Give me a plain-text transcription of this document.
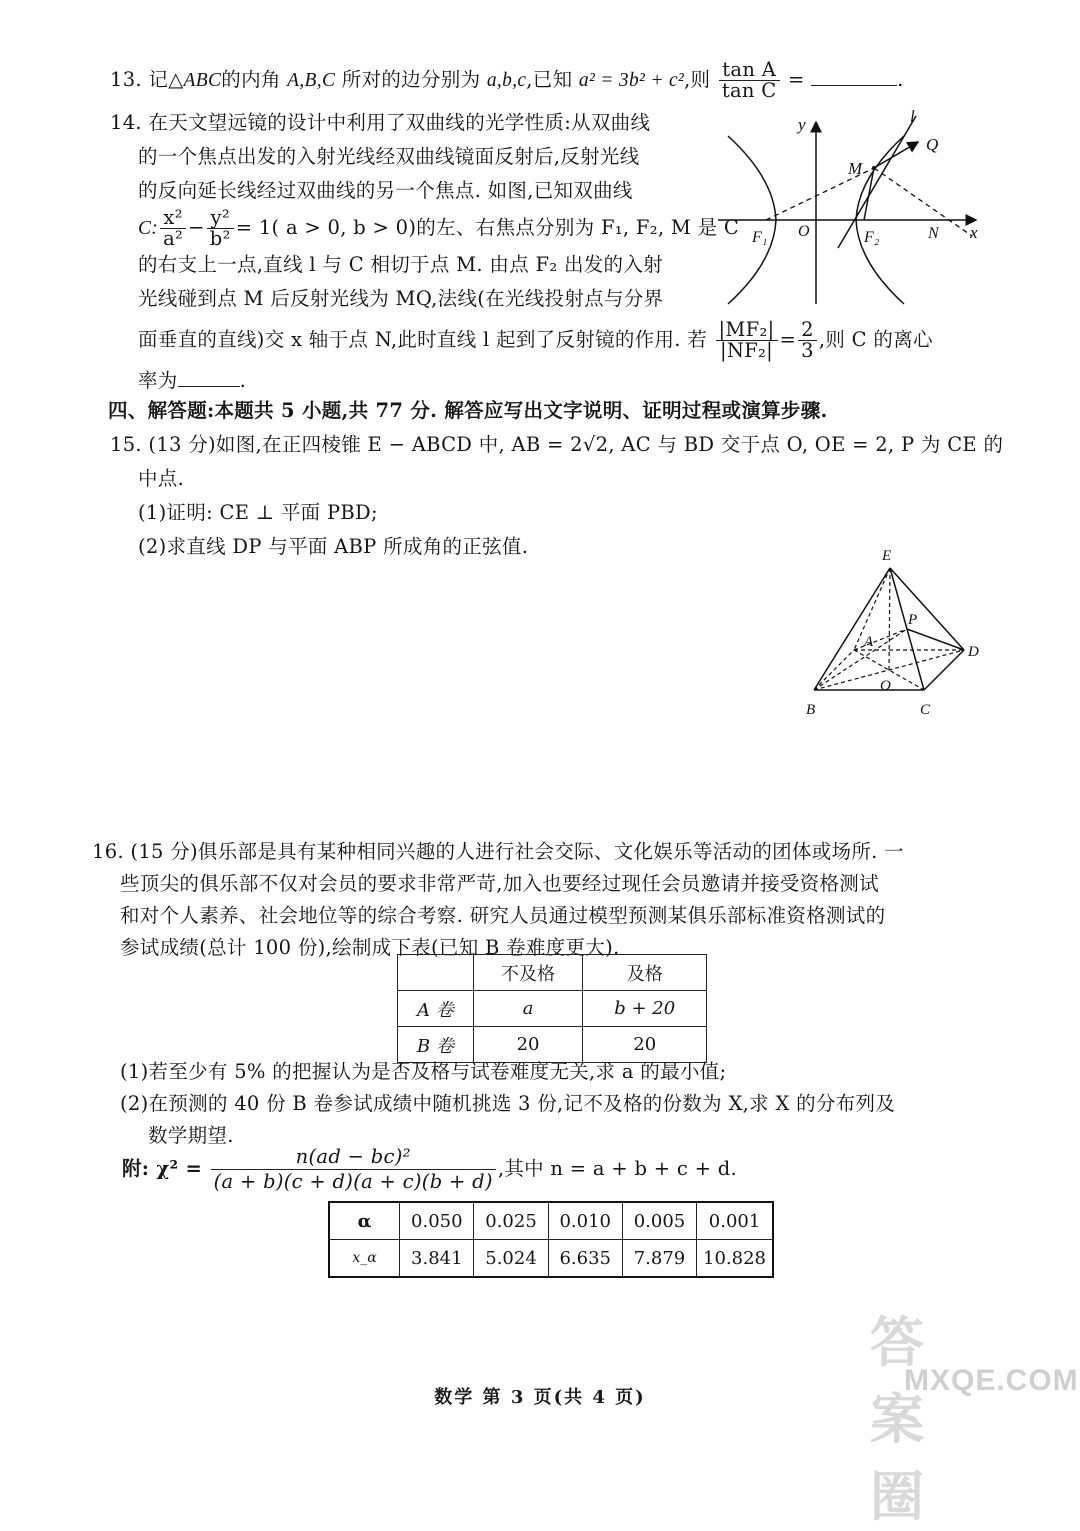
13. 记△ABC的内角 A,B,C 所对的边分别为 a,b,c,已知 a² = 3b² + c²,则 $\frac{\text{tan A}}{\text{tan C}}$ =	.

14. 在天文望远镜的设计中利用了双曲线的光学性质:从双曲线

的一个焦点出发的入射光线经双曲线镜面反射后,反射光线

的反向延长线经过双曲线的另一个焦点. 如图,已知双曲线

C: $\frac{\text{x²}}{\text{a²}} - \frac{\text{y²}}{\text{b²}} = 1$( a > 0, b > 0)的左、右焦点分别为 F₁, F₂, M 是 C

的右支上一点,直线 l 与 C 相切于点 M. 由点 F₂ 出发的入射

光线碰到点 M 后反射光线为 MQ,法线(在光线投射点与分界

面垂直的直线)交 x 轴于点 N,此时直线 l 起到了反射镜的作用. 若 $\frac{\text{|MF₂|}}{\text{|NF₂|}} = \frac{2}{3}$ ,则 C 的离心

率为	.

y	l
Q
M
F₁ O	F₂	N x

四、解答题:本题共 5 小题,共 77 分. 解答应写出文字说明、证明过程或演算步骤.

15. (13 分)如图,在正四棱锥 E − ABCD 中, AB = 2√2, AC 与 BD 交于点 O, OE = 2, P 为 CE 的

中点.

(1)证明: CE ⊥ 平面 PBD;

(2)求直线 DP 与平面 ABP 所成角的正弦值.	E
A
P
D
O
B	C

16. (15 分)俱乐部是具有某种相同兴趣的人进行社会交际、文化娱乐等活动的团体或场所. 一

些顶尖的俱乐部不仅对会员的要求非常严苛,加入也要经过现任会员邀请并接受资格测试

和对个人素养、社会地位等的综合考察. 研究人员通过模型预测某俱乐部标准资格测试的

参试成绩(总计 100 份),绘制成下表(已知 B 卷难度更大).

	不及格	及格
A 卷	a	b + 20
B 卷	20	20

(1)若至少有 5% 的把握认为是否及格与试卷难度无关,求 a 的最小值;

(2)在预测的 40 份 B 卷参试成绩中随机挑选 3 份,记不及格的份数为 X,求 X 的分布列及

数学期望.

附: $\chi^2 = \frac{\text{n(ad − bc)²}}{(a + b)(c + d)(a + c)(b + d)}$ ,其中 n = a + b + c + d.

α	0.050	0.025	0.010	0.005	0.001
x_α	3.841	5.024	6.635	7.879	10.828
答案圈
MXQE.COM
数学 第 3 页(共 4 页)
